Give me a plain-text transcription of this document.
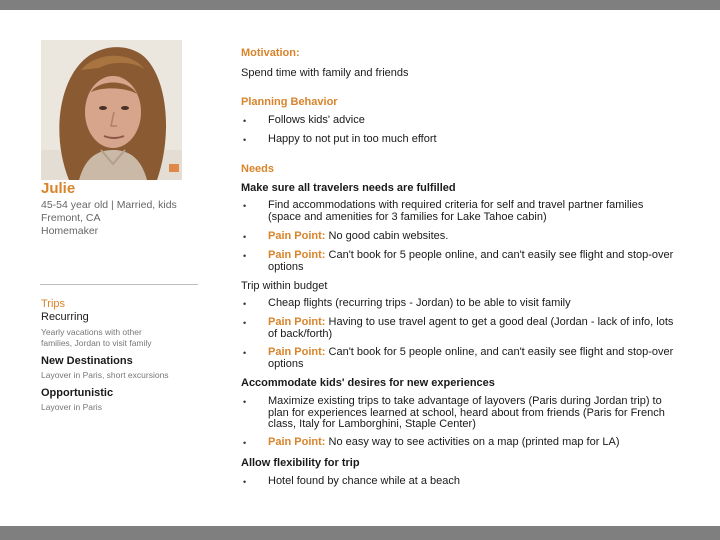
Julie
45-54 year old | Married, kids
Fremont, CA
Homemaker
Trips
Recurring
Yearly vacations with other
families, Jordan to visit family
New Destinations
Layover in Paris, short excursions
Opportunistic
Layover in Paris
Motivation:
Spend time with family and friends
Planning Behavior
• Follows kids' advice
• Happy to not put in too much effort
Needs
Make sure all travelers needs are fulfilled
• Find accommodations with required criteria for self and travel partner families (space and amenities for 3 families for Lake Tahoe cabin)
• Pain Point: No good cabin websites.
• Pain Point: Can't book for 5 people online, and can't easily see flight and stop-over options
Trip within budget
• Cheap flights (recurring trips - Jordan) to be able to visit family
• Pain Point: Having to use travel agent to get a good deal (Jordan - lack of info, lots of back/forth)
• Pain Point: Can't book for 5 people online, and can't easily see flight and stop-over options
Accommodate kids' desires for new experiences
• Maximize existing trips to take advantage of layovers (Paris during Jordan trip) to plan for experiences learned at school, heard about from friends (Paris for French class, Italy for Lamborghini, Staple Center)
• Pain Point: No easy way to see activities on a map (printed map for LA)
Allow flexibility for trip
• Hotel found by chance while at a beach
